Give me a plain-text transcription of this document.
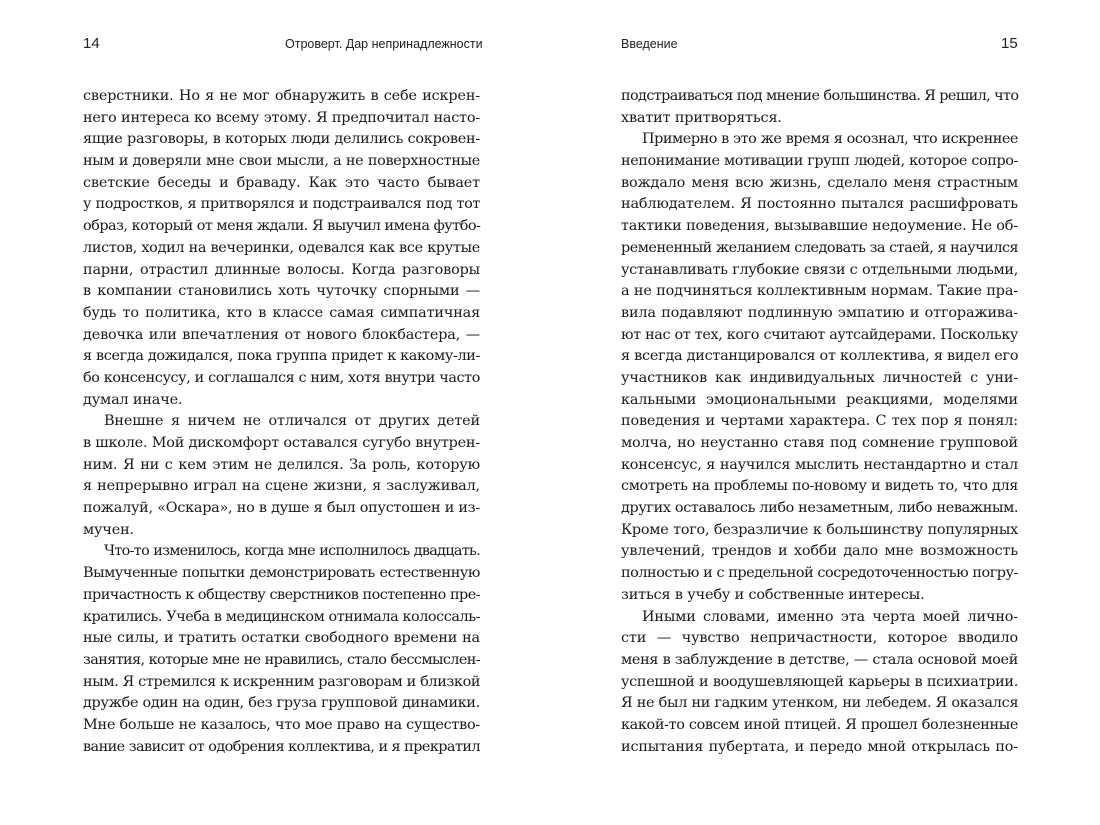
14	Отроверт. Дар непринадлежности
сверстники. Но я не мог обнаружить в себе искрен-
него интереса ко всему этому. Я предпочитал насто-
ящие разговоры, в которых люди делились сокровен-
ным и доверяли мне свои мысли, а не поверхностные
светские беседы и браваду. Как это часто бывает
у подростков, я притворялся и подстраивался под тот
образ, который от меня ждали. Я выучил имена футбо-
листов, ходил на вечеринки, одевался как все крутые
парни, отрастил длинные волосы. Когда разговоры
в компании становились хоть чуточку спорными —
будь то политика, кто в классе самая симпатичная
девочка или впечатления от нового блокбастера, —
я всегда дожидался, пока группа придет к какому-ли-
бо консенсусу, и соглашался с ним, хотя внутри часто
думал иначе.
Внешне я ничем не отличался от других детей
в школе. Мой дискомфорт оставался сугубо внутрен-
ним. Я ни с кем этим не делился. За роль, которую
я непрерывно играл на сцене жизни, я заслуживал,
пожалуй, «Оскара», но в душе я был опустошен и из-
мучен.
Что-то изменилось, когда мне исполнилось двадцать.
Вымученные попытки демонстрировать естественную
причастность к обществу сверстников постепенно пре-
кратились. Учеба в медицинском отнимала колоссаль-
ные силы, и тратить остатки свободного времени на
занятия, которые мне не нравились, стало бессмыслен-
ным. Я стремился к искренним разговорам и близкой
дружбе один на один, без груза групповой динамики.
Мне больше не казалось, что мое право на существо-
вание зависит от одобрения коллектива, и я прекратил
Введение	15
подстраиваться под мнение большинства. Я решил, что
хватит притворяться.
Примерно в это же время я осознал, что искреннее
непонимание мотивации групп людей, которое сопро-
вождало меня всю жизнь, сделало меня страстным
наблюдателем. Я постоянно пытался расшифровать
тактики поведения, вызывавшие недоумение. Не об-
ремененный желанием следовать за стаей, я научился
устанавливать глубокие связи с отдельными людьми,
а не подчиняться коллективным нормам. Такие пра-
вила подавляют подлинную эмпатию и отгоражива-
ют нас от тех, кого считают аутсайдерами. Поскольку
я всегда дистанцировался от коллектива, я видел его
участников как индивидуальных личностей с уни-
кальными эмоциональными реакциями, моделями
поведения и чертами характера. С тех пор я понял:
молча, но неустанно ставя под сомнение групповой
консенсус, я научился мыслить нестандартно и стал
смотреть на проблемы по-новому и видеть то, что для
других оставалось либо незаметным, либо неважным.
Кроме того, безразличие к большинству популярных
увлечений, трендов и хобби дало мне возможность
полностью и с предельной сосредоточенностью погру-
зиться в учебу и собственные интересы.
Иными словами, именно эта черта моей лично-
сти — чувство непричастности, которое вводило
меня в заблуждение в детстве, — стала основой моей
успешной и воодушевляющей карьеры в психиатрии.
Я не был ни гадким утенком, ни лебедем. Я оказался
какой-то совсем иной птицей. Я прошел болезненные
испытания пубертата, и передо мной открылась по-
